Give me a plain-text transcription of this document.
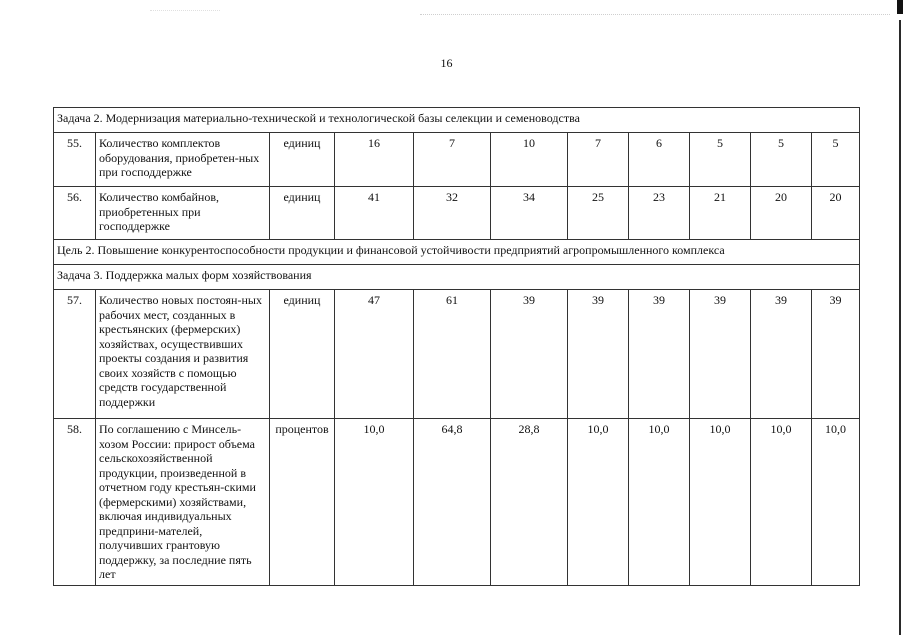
16
Задача 2. Модернизация материально-технической и технологической базы селекции и семеноводства										
55.	Количество комплектов оборудования, приобретен-ных при господдержке	единиц	16	7	10	7	6	5	5	5
56.	Количество комбайнов, приобретенных при господдержке	единиц	41	32	34	25	23	21	20	20
Цель 2. Повышение конкурентоспособности продукции и финансовой устойчивости предприятий агропромышленного комплекса										
Задача 3. Поддержка малых форм хозяйствования										
57.	Количество новых постоян-ных рабочих мест, созданных в крестьянских (фермерских) хозяйствах, осуществивших проекты создания и развития своих хозяйств с помощью средств государственной поддержки	единиц	47	61	39	39	39	39	39	39
58.	По соглашению с Минсель-хозом России: прирост объема сельскохозяйственной продукции, произведенной в отчетном году крестьян-скими (фермерскими) хозяйствами, включая индивидуальных предприни-мателей, получивших грантовую поддержку, за последние пять лет	процентов	10,0	64,8	28,8	10,0	10,0	10,0	10,0	10,0
